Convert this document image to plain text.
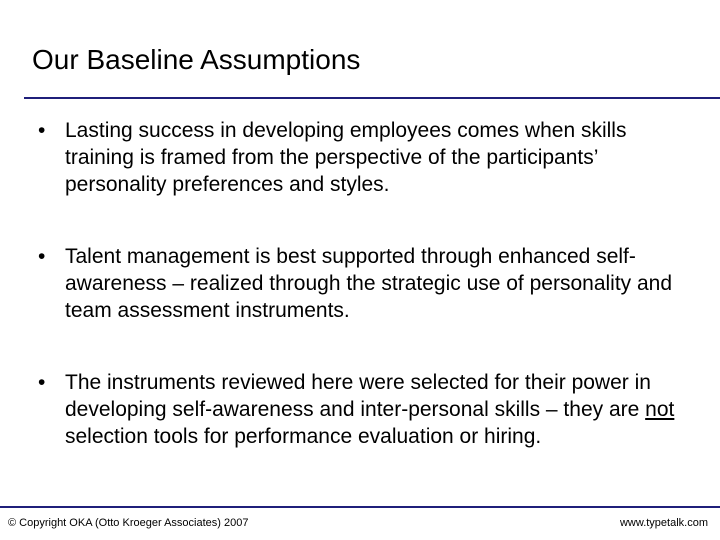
Our Baseline Assumptions
• Lasting success in developing employees comes when skills training is framed from the perspective of the participants’ personality preferences and styles.
• Talent management is best supported through enhanced self-awareness – realized through the strategic use of personality and team assessment instruments.
• The instruments reviewed here were selected for their power in developing self-awareness and inter-personal skills – they are not selection tools for performance evaluation or hiring.
© Copyright OKA (Otto Kroeger Associates) 2007	www.typetalk.com
